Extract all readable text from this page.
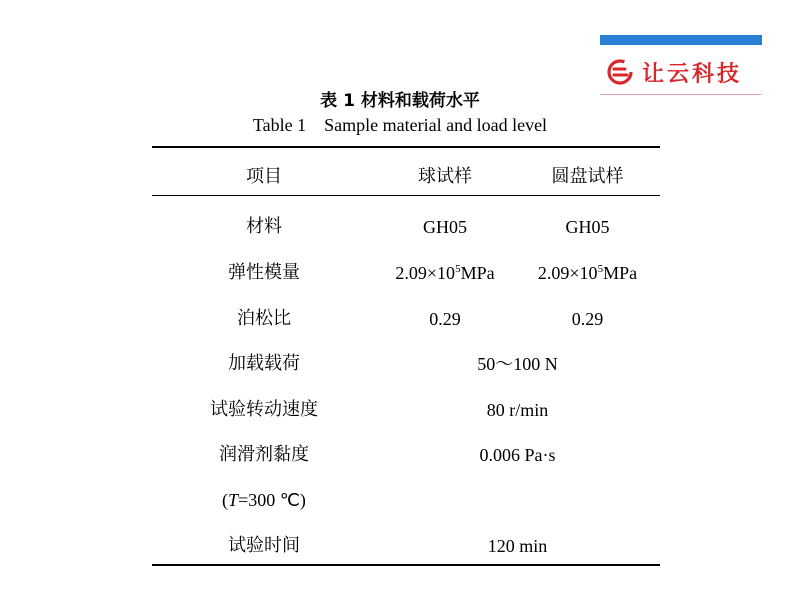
让云科技
表 1 材料和载荷水平
Table 1    Sample material and load level
项目	球试样	圆盘试样
材料	GH05	GH05
弹性模量	$2.09\times 10^5MPa$	$2.09\times 10^5MPa$
泊松比	0.29	0.29
加载载荷	50～100 N
试验转动速度	80 r/min
润滑剂黏度	0.006 Pa·s
(T=300 ℃)
试验时间	120 min
